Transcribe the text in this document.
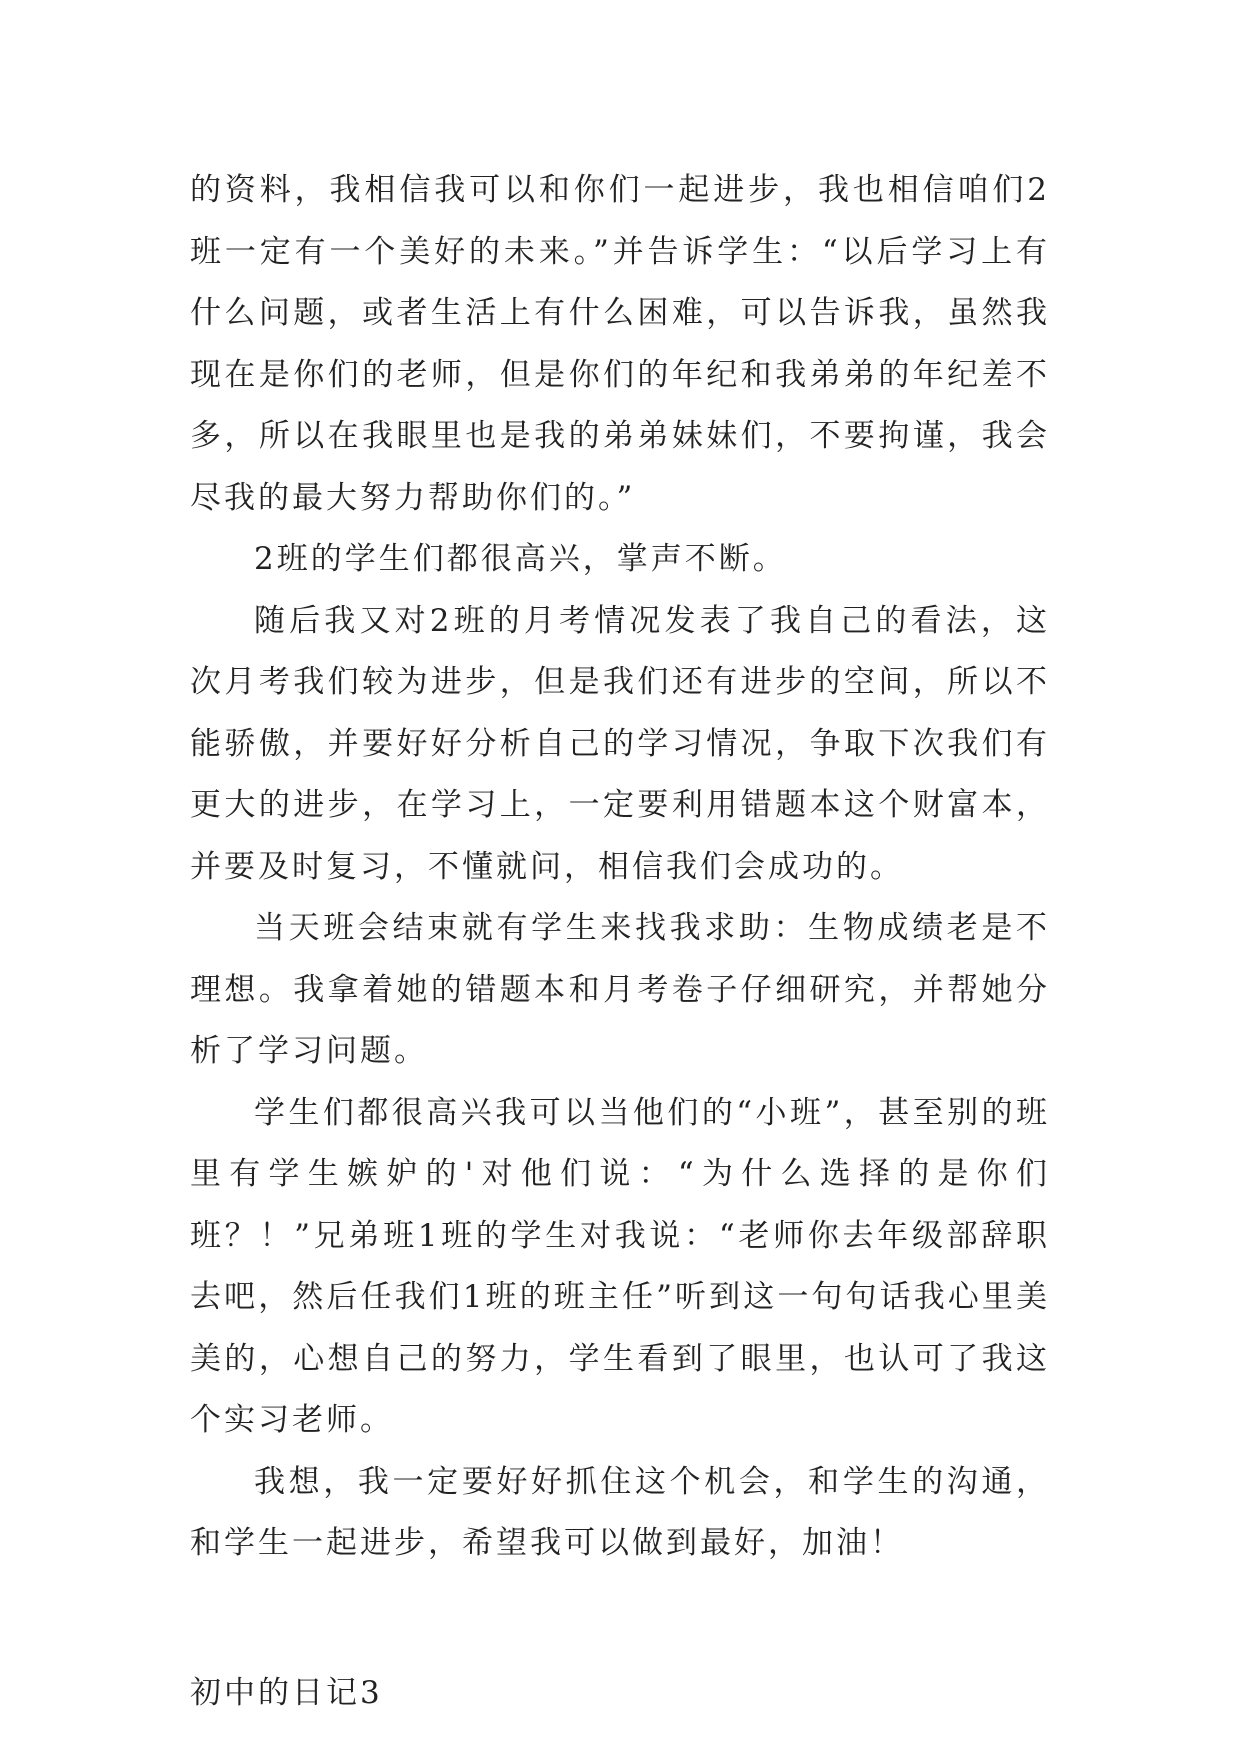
的资料，我相信我可以和你们一起进步，我也相信咱们2班一定有一个美好的未来。”并告诉学生：“以后学习上有什么问题，或者生活上有什么困难，可以告诉我，虽然我现在是你们的老师，但是你们的年纪和我弟弟的年纪差不多，所以在我眼里也是我的弟弟妹妹们，不要拘谨，我会尽我的最大努力帮助你们的。”

2班的学生们都很高兴，掌声不断。

随后我又对2班的月考情况发表了我自己的看法，这次月考我们较为进步，但是我们还有进步的空间，所以不能骄傲，并要好好分析自己的学习情况，争取下次我们有更大的进步，在学习上，一定要利用错题本这个财富本，并要及时复习，不懂就问，相信我们会成功的。

当天班会结束就有学生来找我求助：生物成绩老是不理想。我拿着她的错题本和月考卷子仔细研究，并帮她分析了学习问题。

学生们都很高兴我可以当他们的“小班”，甚至别的班里有学生嫉妒的'对他们说：“为什么选择的是你们班？！”兄弟班1班的学生对我说：“老师你去年级部辞职去吧，然后任我们1班的班主任”听到这一句句话我心里美美的，心想自己的努力，学生看到了眼里，也认可了我这个实习老师。

我想，我一定要好好抓住这个机会，和学生的沟通，和学生一起进步，希望我可以做到最好，加油！

初中的日记3
